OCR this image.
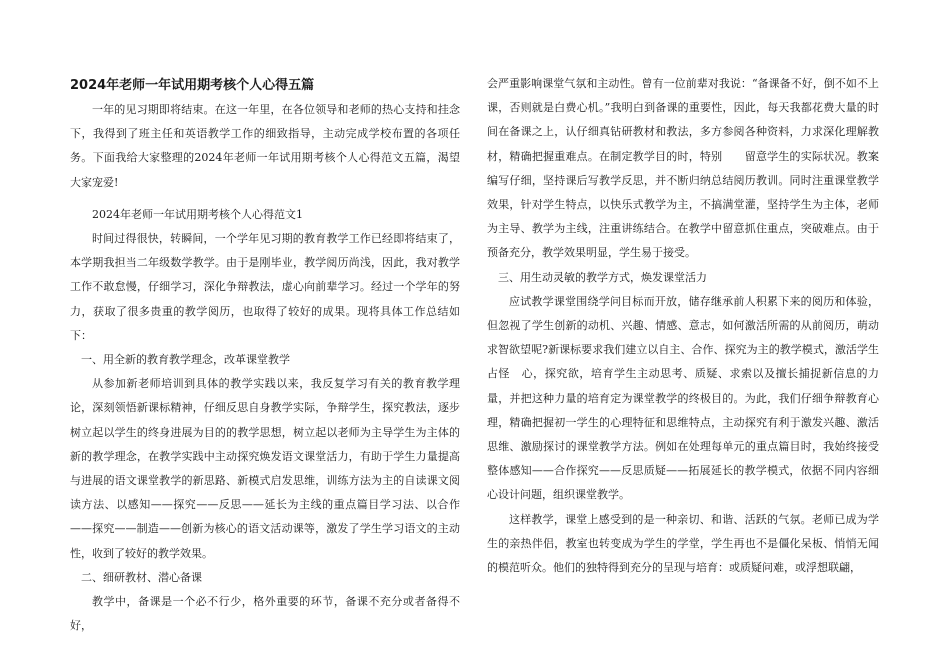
2024年老师一年试用期考核个人心得五篇

一年的见习期即将结束。在这一年里，在各位领导和老师的热心支持和挂念下，我得到了班主任和英语教学工作的细致指导，主动完成学校布置的各项任务。下面我给大家整理的2024年老师一年试用期考核个人心得范文五篇，渴望大家宠爱!

2024年老师一年试用期考核个人心得范文1

时间过得很快，转瞬间，一个学年见习期的教育教学工作已经即将结束了，本学期我担当二年级数学教学。由于是刚毕业，教学阅历尚浅，因此，我对教学工作不敢怠慢，仔细学习，深化争辩教法，虚心向前辈学习。经过一个学年的努力，获取了很多贵重的教学阅历，也取得了较好的成果。现将具体工作总结如下：

一、用全新的教育教学理念，改革课堂教学

从参加新老师培训到具体的教学实践以来，我反复学习有关的教育教学理论，深刻领悟新课标精神，仔细反思自身教学实际，争辩学生，探究教法，逐步树立起以学生的终身进展为目的的教学思想，树立起以老师为主导学生为主体的新的教学理念，在教学实践中主动探究焕发语文课堂活力，有助于学生力量提高与进展的语文课堂教学的新思路、新模式启发思维，训练方法为主的自读课文阅读方法、以感知——探究——反思——延长为主线的重点篇目学习法、以合作——探究——制造——创新为核心的语文活动课等，激发了学生学习语文的主动性，收到了较好的教学效果。

二、细研教材、潜心备课

教学中，备课是一个必不行少，格外重要的环节，备课不充分或者备得不好，

会严重影响课堂气氛和主动性。曾有一位前辈对我说：“备课备不好，倒不如不上课，否则就是白费心机。”我明白到备课的重要性，因此，每天我都花费大量的时间在备课之上，认仔细真钻研教材和教法，多方参阅各种资料，力求深化理解教材，精确把握重难点。在制定教学目的时，特别　　留意学生的实际状况。教案编写仔细，坚持课后写教学反思，并不断归纳总结阅历教训。同时注重课堂教学效果，针对学生特点，以快乐式教学为主，不搞满堂灌，坚持学生为主体，老师为主导、教学为主线，注重讲练结合。在教学中留意抓住重点，突破难点。由于预备充分，教学效果明显，学生易于接受。

三、用生动灵敏的教学方式，焕发课堂活力

应试教学课堂围绕学问目标而开放，储存继承前人积累下来的阅历和体验，但忽视了学生创新的动机、兴趣、情感、意志，如何激活所需的从前阅历，萌动求智欲望呢?新课标要求我们建立以自主、合作、探究为主的教学模式，激活学生占怪　心，探究欲，培育学生主动思考、质疑、求索以及擅长捕捉新信息的力量，并把这种力量的培育定为课堂教学的终极目的。为此，我们仔细争辩教育心理，精确把握初一学生的心理特征和思维特点，主动探究有利于激发兴趣、激活思维、激励探讨的课堂教学方法。例如在处理每单元的重点篇目时，我始终接受整体感知——合作探究——反思质疑——拓展延长的教学模式，依据不同内容细心设计问题，组织课堂教学。

这样教学，课堂上感受到的是一种亲切、和谐、活跃的气氛。老师已成为学生的亲热伴侣，教室也转变成为学生的学堂，学生再也不是僵化呆板、悄悄无闻的模范听众。他们的独特得到充分的呈现与培育：或质疑问难，或浮想联翩，
